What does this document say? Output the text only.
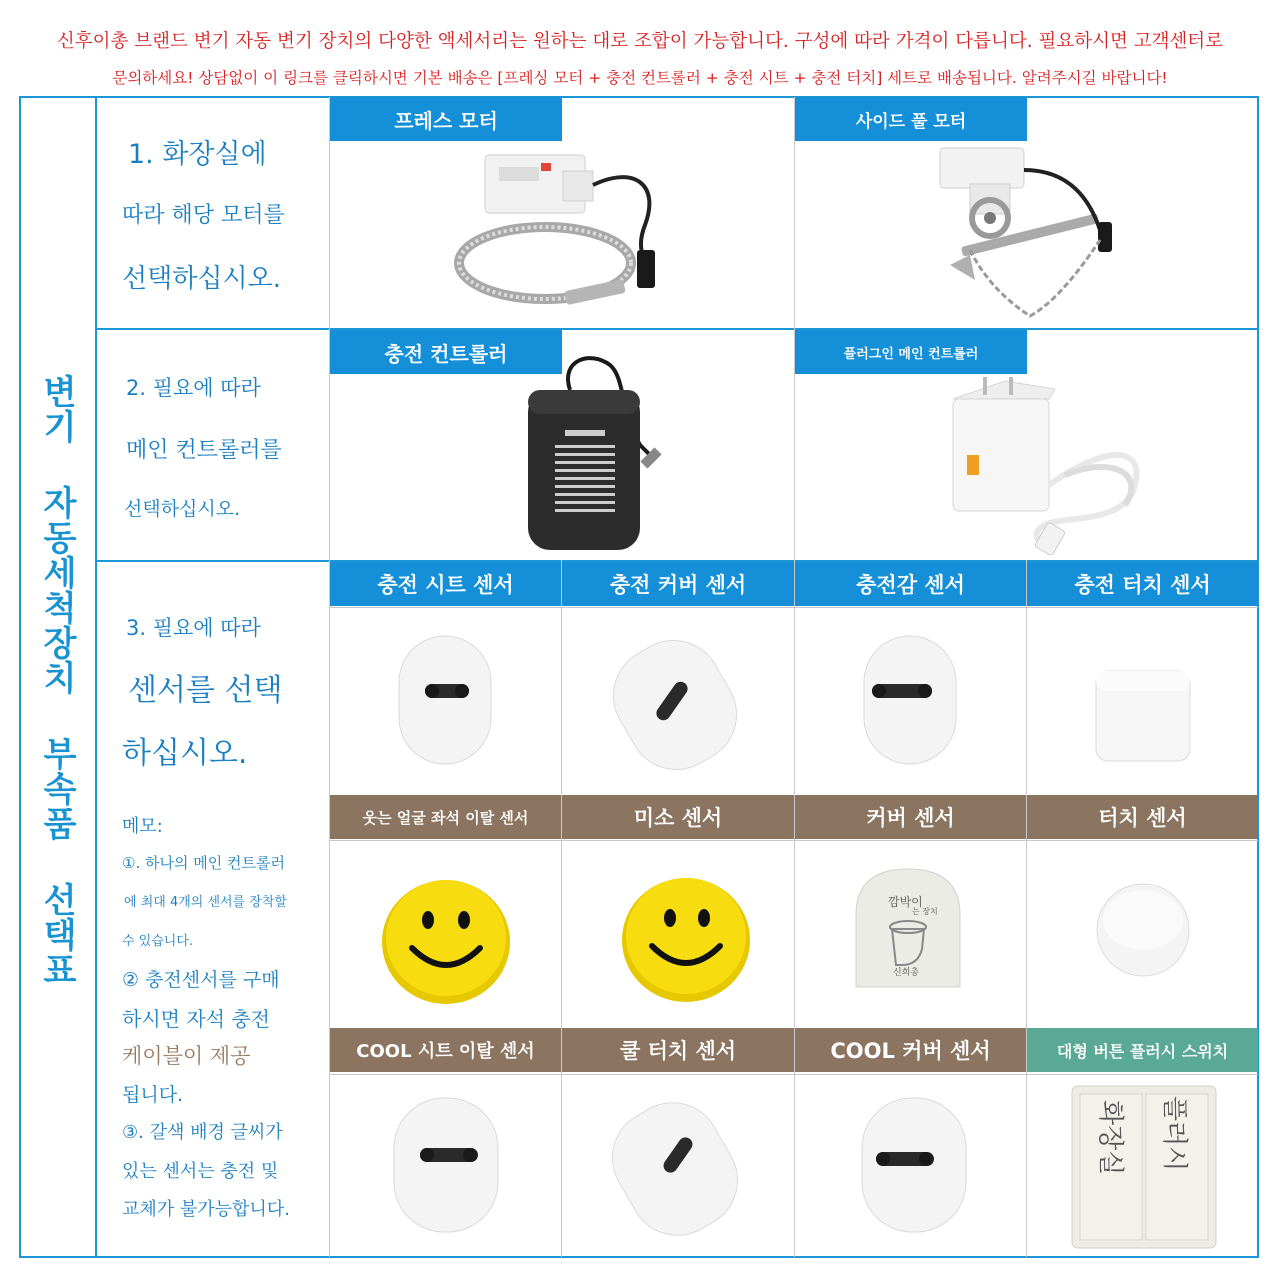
신후이총 브랜드 변기 자동 변기 장치의 다양한 액세서리는 원하는 대로 조합이 가능합니다. 구성에 따라 가격이 다릅니다. 필요하시면 고객센터로
문의하세요! 상담없이 이 링크를 클릭하시면 기본 배송은 [프레싱 모터 + 충전 컨트롤러 + 충전 시트 + 충전 터치] 세트로 배송됩니다. 알려주시길 바랍니다!
변기 자동세척장치 부속품 선택표
1. 화장실에
따라 해당 모터를
선택하십시오.
2. 필요에 따라
메인 컨트롤러를
선택하십시오.
3. 필요에 따라
센서를 선택
하십시오.
메모:
①. 하나의 메인 컨트롤러
에 최대 4개의 센서를 장착할
수 있습니다.
② 충전센서를 구매
하시면 자석 충전
케이블이 제공
됩니다.
③. 갈색 배경 글씨가
있는 센서는 충전 및
교체가 불가능합니다.
프레스 모터	사이드 풀 모터
충전 컨트롤러	플러그인 메인 컨트롤러
충전 시트 센서	충전 커버 센서	충전감 센서	충전 터치 센서
웃는 얼굴 좌석 이탈 센서	미소 센서	커버 센서	터치 센서
깜박이
는 장치
신희총
COOL 시트 이탈 센서	쿨 터치 센서	COOL 커버 센서	대형 버튼 플러시 스위치
화장실 플러시
